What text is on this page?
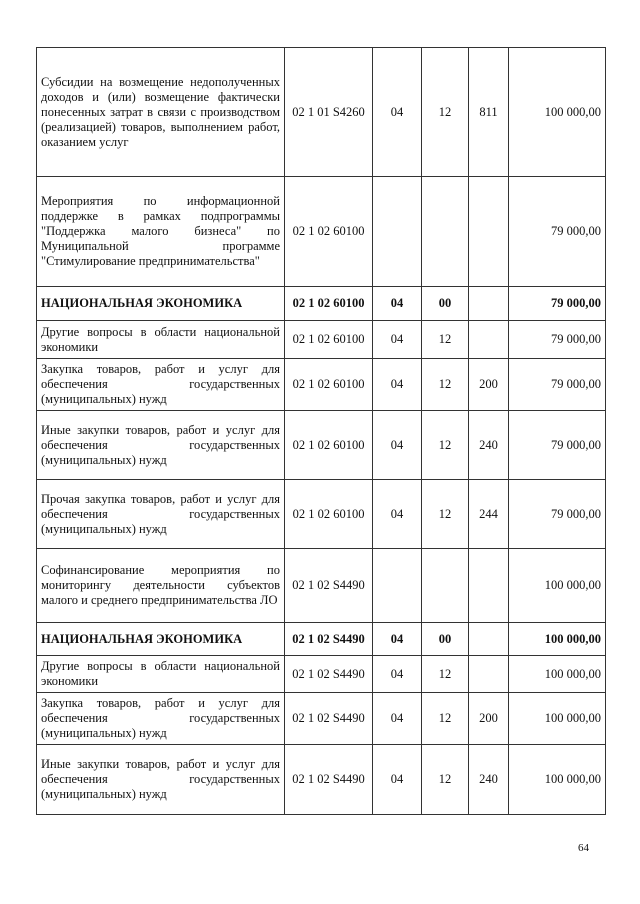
Субсидии на возмещение недополученных доходов и (или) возмещение фактически понесенных затрат в связи с производством (реализацией) товаров, выполнением работ, оказанием услуг	02 1 01 S4260	04	12	811	100 000,00
Мероприятия по информационной поддержке в рамках подпрограммы "Поддержка малого бизнеса" по Муниципальной программе "Стимулирование предпринимательства"	02 1 02 60100				79 000,00
НАЦИОНАЛЬНАЯ ЭКОНОМИКА	02 1 02 60100	04	00		79 000,00
Другие вопросы в области национальной экономики	02 1 02 60100	04	12		79 000,00
Закупка товаров, работ и услуг для обеспечения государственных (муниципальных) нужд	02 1 02 60100	04	12	200	79 000,00
Иные закупки товаров, работ и услуг для обеспечения государственных (муниципальных) нужд	02 1 02 60100	04	12	240	79 000,00
Прочая закупка товаров, работ и услуг для обеспечения государственных (муниципальных) нужд	02 1 02 60100	04	12	244	79 000,00
Софинансирование мероприятия по мониторингу деятельности субъектов малого и среднего предпринимательства ЛО	02 1 02 S4490				100 000,00
НАЦИОНАЛЬНАЯ ЭКОНОМИКА	02 1 02 S4490	04	00		100 000,00
Другие вопросы в области национальной экономики	02 1 02 S4490	04	12		100 000,00
Закупка товаров, работ и услуг для обеспечения государственных (муниципальных) нужд	02 1 02 S4490	04	12	200	100 000,00
Иные закупки товаров, работ и услуг для обеспечения государственных (муниципальных) нужд	02 1 02 S4490	04	12	240	100 000,00
64
